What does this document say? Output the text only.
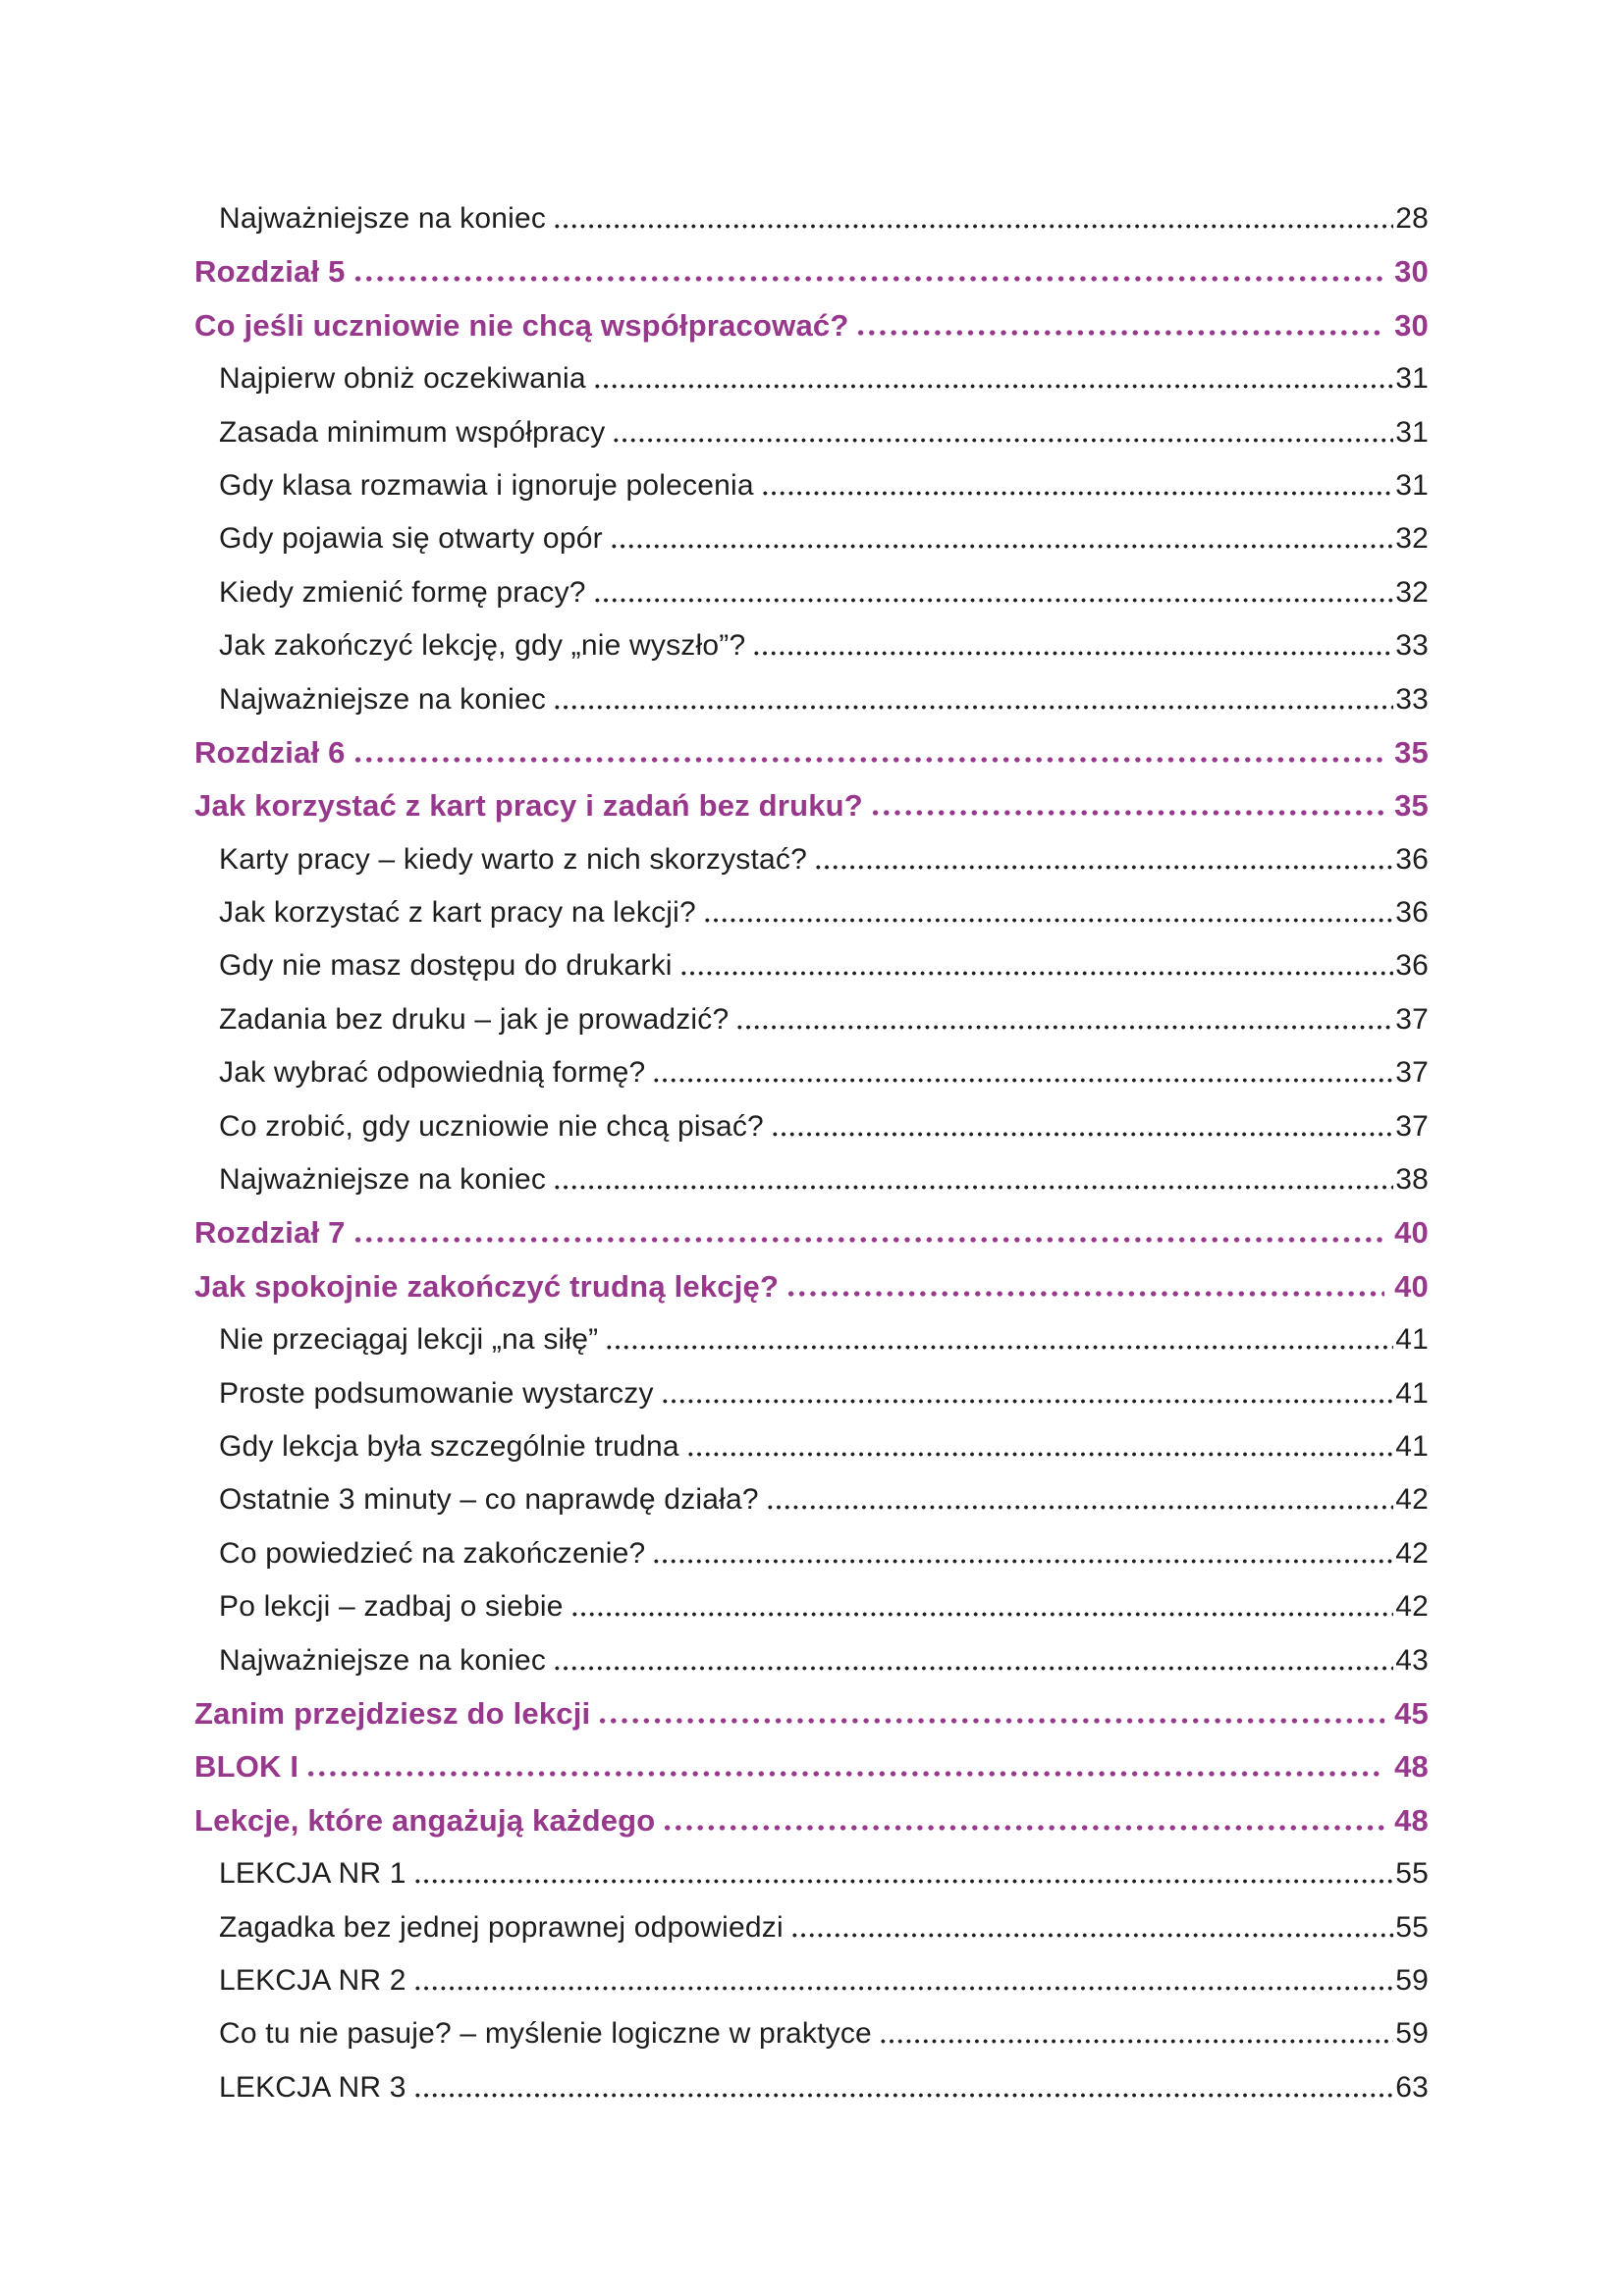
Najważniejsze na koniec	28
Rozdział 5	30
Co jeśli uczniowie nie chcą współpracować?	30
Najpierw obniż oczekiwania	31
Zasada minimum współpracy	31
Gdy klasa rozmawia i ignoruje polecenia	31
Gdy pojawia się otwarty opór	32
Kiedy zmienić formę pracy?	32
Jak zakończyć lekcję, gdy „nie wyszło”?	33
Najważniejsze na koniec	33
Rozdział 6	35
Jak korzystać z kart pracy i zadań bez druku?	35
Karty pracy – kiedy warto z nich skorzystać?	36
Jak korzystać z kart pracy na lekcji?	36
Gdy nie masz dostępu do drukarki	36
Zadania bez druku – jak je prowadzić?	37
Jak wybrać odpowiednią formę?	37
Co zrobić, gdy uczniowie nie chcą pisać?	37
Najważniejsze na koniec	38
Rozdział 7	40
Jak spokojnie zakończyć trudną lekcję?	40
Nie przeciągaj lekcji „na siłę”	41
Proste podsumowanie wystarczy	41
Gdy lekcja była szczególnie trudna	41
Ostatnie 3 minuty – co naprawdę działa?	42
Co powiedzieć na zakończenie?	42
Po lekcji – zadbaj o siebie	42
Najważniejsze na koniec	43
Zanim przejdziesz do lekcji	45
BLOK I	48
Lekcje, które angażują każdego	48
LEKCJA NR 1	55
Zagadka bez jednej poprawnej odpowiedzi	55
LEKCJA NR 2	59
Co tu nie pasuje? – myślenie logiczne w praktyce	59
LEKCJA NR 3	63
